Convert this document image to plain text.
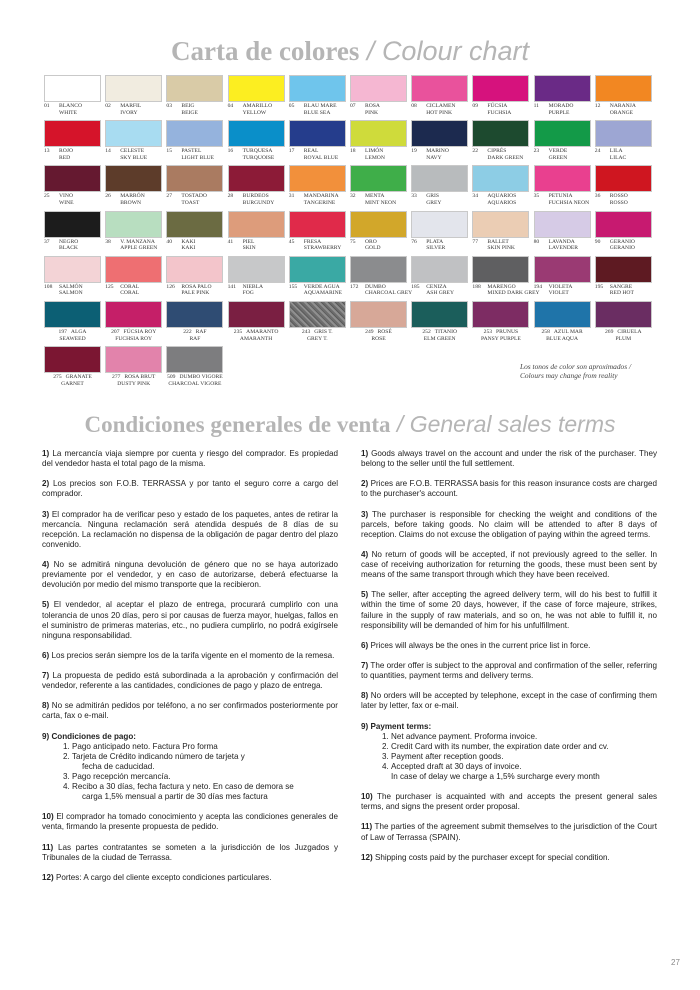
Carta de colores / Colour chart
01	BLANCO
WHITE
02	MARFIL
IVORY
03	BEIG
BEIGE
04	AMARILLO
YELLOW
05	BLAU MARE
BLUE SEA
07	ROSA
PINK
08	CICLAMEN
HOT PINK
09	FÚCSIA
FUCHSIA
11	MORADO
PURPLE
12	NARANJA
ORANGE
13	ROJO
RED
14	CELESTE
SKY BLUE
15	PASTEL
LIGHT BLUE
16	TURQUESA
TURQUOISE
17	REAL
ROYAL BLUE
18	LIMÓN
LEMON
19	MARINO
NAVY
22	CIPRÉS
DARK GREEN
23	VERDE
GREEN
24	LILA
LILAC
25	VINO
WINE
26	MARRÓN
BROWN
27	TOSTADO
TOAST
28	BURDEOS
BURGUNDY
31	MANDARINA
TANGERINE
32	MENTA
MINT NEON
33	GRIS
GREY
34	AQUARIOS
AQUARIOS
35	PETUNIA
FUCHSIA NEON
36	ROSSO
ROSSO
37	NEGRO
BLACK
38	V. MANZANA
APPLE GREEN
40	KAKI
KAKI
41	PIEL
SKIN
45	FRESA
STRAWBERRY
75	ORO
GOLD
76	PLATA
SILVER
77	BALLET
SKIN PINK
80	LAVANDA
LAVENDER
90	GERANIO
GERANIO
108	SALMÓN
SALMON
125	CORAL
CORAL
126	ROSA PALO
PALE PINK
141	NIEBLA
FOG
155	VERDE AGUA
AQUAMARINE
172	DUMBO
CHARCOAL GREY
185	CENIZA
ASH GREY
188	MARENGO
MIXED DARK GREY
194	VIOLETA
VIOLET
195	SANGRE
RED HOT
197 ALGA
SEAWEED
207 FÚCSIA ROY
FUCHSIA ROY
222 RAF
RAF
235 AMARANTO
AMARANTH
243 GRIS T.
GREY T.
249 ROSÉ
ROSE
252 TITANIO
ELM GREEN
253 PRUNUS
PANSY PURPLE
258 AZUL MAR
BLUE AQUA
269 CIRUELA
PLUM
275 GRANATE
GARNET
277 ROSA BRUT
DUSTY PINK
509 DUMBO VIGORE
CHARCOAL VIGORE
Los tonos de color son aproximados /
Colours may change from reality
Condiciones generales de venta / General sales terms

1) La mercancía viaja siempre por cuenta y riesgo del comprador. Es propiedad del vendedor hasta el total pago de la misma.

2) Los precios son F.O.B. TERRASSA y por tanto el seguro corre a cargo del comprador.

3) El comprador ha de verificar peso y estado de los paquetes, antes de retirar la mercancía. Ninguna reclamación será atendida después de 8 días de su recepción. La reclamación no dispensa de la obligación de pagar dentro del plazo convenido.

4) No se admitirá ninguna devolución de género que no se haya autorizado previamente por el vendedor, y en caso de autorizarse, deberá efectuarse la devolución por medio del mismo transporte que la recibieron.

5) El vendedor, al aceptar el plazo de entrega, procurará cumplirlo con una tolerancia de unos 20 días, pero si por causas de fuerza mayor, huelgas, fallos en el suministro de primeras materias, etc., no pudiera cumplirlo, no podrá exigírsele ninguna responsabilidad.

6) Los precios serán siempre los de la tarifa vigente en el momento de la remesa.

7) La propuesta de pedido está subordinada a la aprobación y confirmación del vendedor, referente a las cantidades, condiciones de pago y plazo de entrega.

8) No se admitirán pedidos por teléfono, a no ser confirmados posteriormente por carta, fax o e-mail.

9) Condiciones de pago:

1. Pago anticipado neto. Factura Pro forma
2. Tarjeta de Crédito indicando número de tarjeta y
fecha de caducidad.
3. Pago recepción mercancía.
4. Recibo a 30 días, fecha factura y neto. En caso de demora se
carga 1,5% mensual a partir de 30 días mes factura

10) El comprador ha tomado conocimiento y acepta las condiciones generales de venta, firmando la presente propuesta de pedido.

11) Las partes contratantes se someten a la jurisdicción de los Juzgados y Tribunales de la ciudad de Terrassa.

12) Portes: A cargo del cliente excepto condiciones particulares.

1) Goods always travel on the account and under the risk of the purchaser. They belong to the seller until the full settlement.

2) Prices are F.O.B. TERRASSA basis for this reason insurance costs are charged to the purchaser's account.

3) The purchaser is responsible for checking the weight and conditions of the parcels, before taking goods. No claim will be attended to after 8 days of reception. Claims do not excuse the obligation of paying within the agreed terms.

4) No return of goods will be accepted, if not previously agreed to the seller. In case of receiving authorization for returning the goods, these must been sent by means of the same transport through which they have been received.

5) The seller, after accepting the agreed delivery term, will do his best to fulfill it within the time of some 20 days, however, if the case of force majeure, strikes, failure in the supply of raw materials, and so on, he was not able to fulfill it, no responsibility will be demanded of him for his unfulfillment.

6) Prices will always be the ones in the current price list in force.

7) The order offer is subject to the approval and confirmation of the seller, referring to quantities, payment terms and delivery terms.

8) No orders will be accepted by telephone, except in the case of confirming them later by letter, fax or e-mail.

9) Payment terms:

1. Net advance payment. Proforma invoice.
2. Credit Card with its number, the expiration date order and cv.
3. Payment after reception goods.
4. Accepted draft at 30 days of invoice.
In case of delay we charge a 1,5% surcharge every month

10) The purchaser is acquainted with and accepts the present general sales terms, and signs the present order proposal.

11) The parties of the agreement submit themselves to the jurisdiction of the Court of Law of Terrassa (SPAIN).

12) Shipping costs paid by the purchaser except for special condition.

27
